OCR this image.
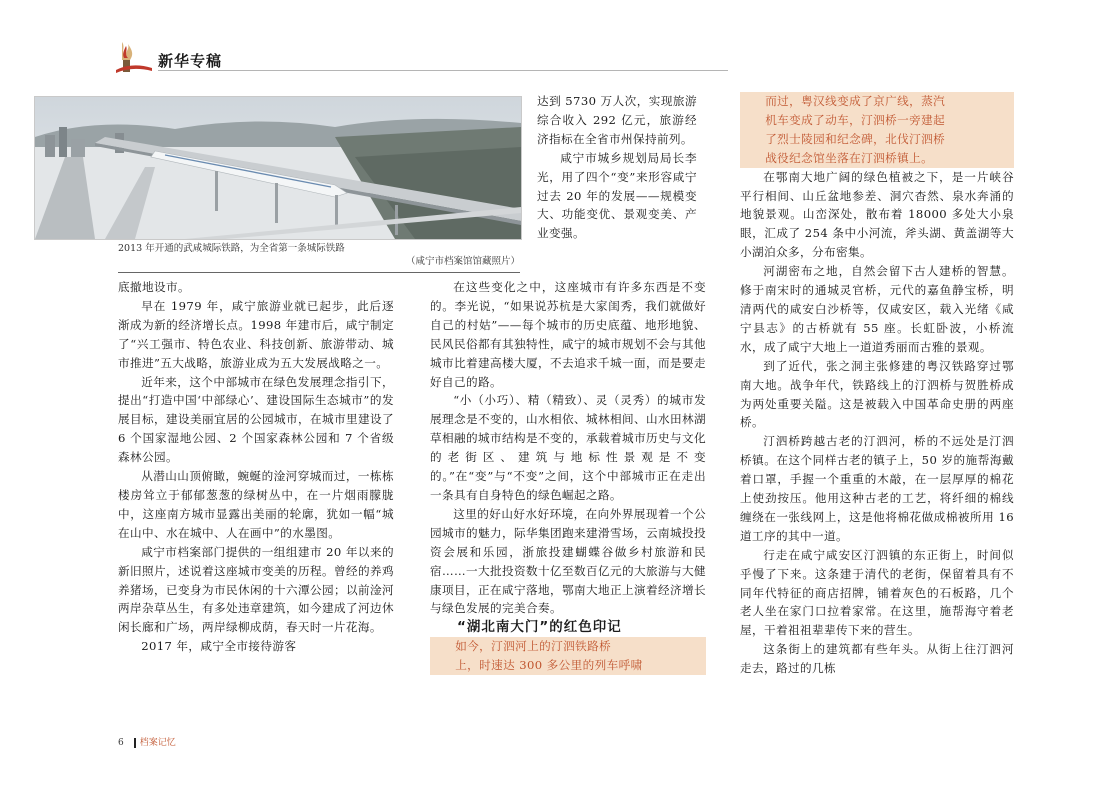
新华专稿
2013 年开通的武咸城际铁路，为全省第一条城际铁路
（咸宁市档案馆馆藏照片）

底撤地设市。

早在 1979 年，咸宁旅游业就已起步，此后逐渐成为新的经济增长点。1998 年建市后，咸宁制定了“兴工强市、特色农业、科技创新、旅游带动、城市推进”五大战略，旅游业成为五大发展战略之一。

近年来，这个中部城市在绿色发展理念指引下，提出“打造中国‘中部绿心’、建设国际生态城市”的发展目标，建设美丽宜居的公园城市，在城市里建设了 6 个国家湿地公园、2 个国家森林公园和 7 个省级森林公园。

从潜山山顶俯瞰，蜿蜒的淦河穿城而过，一栋栋楼房耸立于郁郁葱葱的绿树丛中，在一片烟雨朦胧中，这座南方城市显露出美丽的轮廓，犹如一幅“城在山中、水在城中、人在画中”的水墨图。

咸宁市档案部门提供的一组组建市 20 年以来的新旧照片，述说着这座城市变美的历程。曾经的养鸡养猪场，已变身为市民休闲的十六潭公园；以前淦河两岸杂草丛生，有多处违章建筑，如今建成了河边休闲长廊和广场，两岸绿柳成荫，春天时一片花海。

2017 年，咸宁全市接待游客

达到 5730 万人次，实现旅游综合收入 292 亿元，旅游经济指标在全省市州保持前列。

咸宁市城乡规划局局长李光，用了四个“变”来形容咸宁过去 20 年的发展——规模变大、功能变优、景观变美、产业变强。

在这些变化之中，这座城市有许多东西是不变的。李光说，“如果说苏杭是大家闺秀，我们就做好自己的村姑”——每个城市的历史底蕴、地形地貌、民风民俗都有其独特性，咸宁的城市规划不会与其他城市比着建高楼大厦，不去追求千城一面，而是要走好自己的路。

“小（小巧）、精（精致）、灵（灵秀）的城市发展理念是不变的，山水相依、城林相间、山水田林湖草相融的城市结构是不变的，承载着城市历史与文化的老街区、建筑与地标性景观是不变的。”在“变”与“不变”之间，这个中部城市正在走出一条具有自身特色的绿色崛起之路。

这里的好山好水好环境，在向外界展现着一个公园城市的魅力，际华集团跑来建滑雪场，云南城投投资会展和乐园，浙旅投建蝴蝶谷做乡村旅游和民宿……一大批投资数十亿至数百亿元的大旅游与大健康项目，正在咸宁落地，鄂南大地正上演着经济增长与绿色发展的完美合奏。

“湖北南大门”的红色印记

如今，汀泗河上的汀泗铁路桥
上，时速达 300 多公里的列车呼啸

而过，粤汉线变成了京广线，蒸汽
机车变成了动车，汀泗桥一旁建起
了烈士陵园和纪念碑，北伐汀泗桥
战役纪念馆坐落在汀泗桥镇上。

在鄂南大地广阔的绿色植被之下，是一片峡谷平行相间、山丘盆地参差、洞穴杳然、泉水奔涌的地貌景观。山峦深处，散布着 18000 多处大小泉眼，汇成了 254 条中小河流，斧头湖、黄盖湖等大小湖泊众多，分布密集。

河湖密布之地，自然会留下古人建桥的智慧。修于南宋时的通城灵官桥，元代的嘉鱼静宝桥，明清两代的咸安白沙桥等，仅咸安区，载入光绪《咸宁县志》的古桥就有 55 座。长虹卧波，小桥流水，成了咸宁大地上一道道秀丽而古雅的景观。

到了近代，张之洞主张修建的粤汉铁路穿过鄂南大地。战争年代，铁路线上的汀泗桥与贺胜桥成为两处重要关隘。这是被载入中国革命史册的两座桥。

汀泗桥跨越古老的汀泗河，桥的不远处是汀泗桥镇。在这个同样古老的镇子上，50 岁的施帮海戴着口罩，手握一个重重的木敲，在一层厚厚的棉花上使劲按压。他用这种古老的工艺，将纤细的棉线缠绕在一张线网上，这是他将棉花做成棉被所用 16 道工序的其中一道。

行走在咸宁咸安区汀泗镇的东正街上，时间似乎慢了下来。这条建于清代的老街，保留着具有不同年代特征的商店招牌，铺着灰色的石板路，几个老人坐在家门口拉着家常。在这里，施帮海守着老屋，干着祖祖辈辈传下来的营生。

这条街上的建筑都有些年头。从街上往汀泗河走去，路过的几栋

6 档案记忆
